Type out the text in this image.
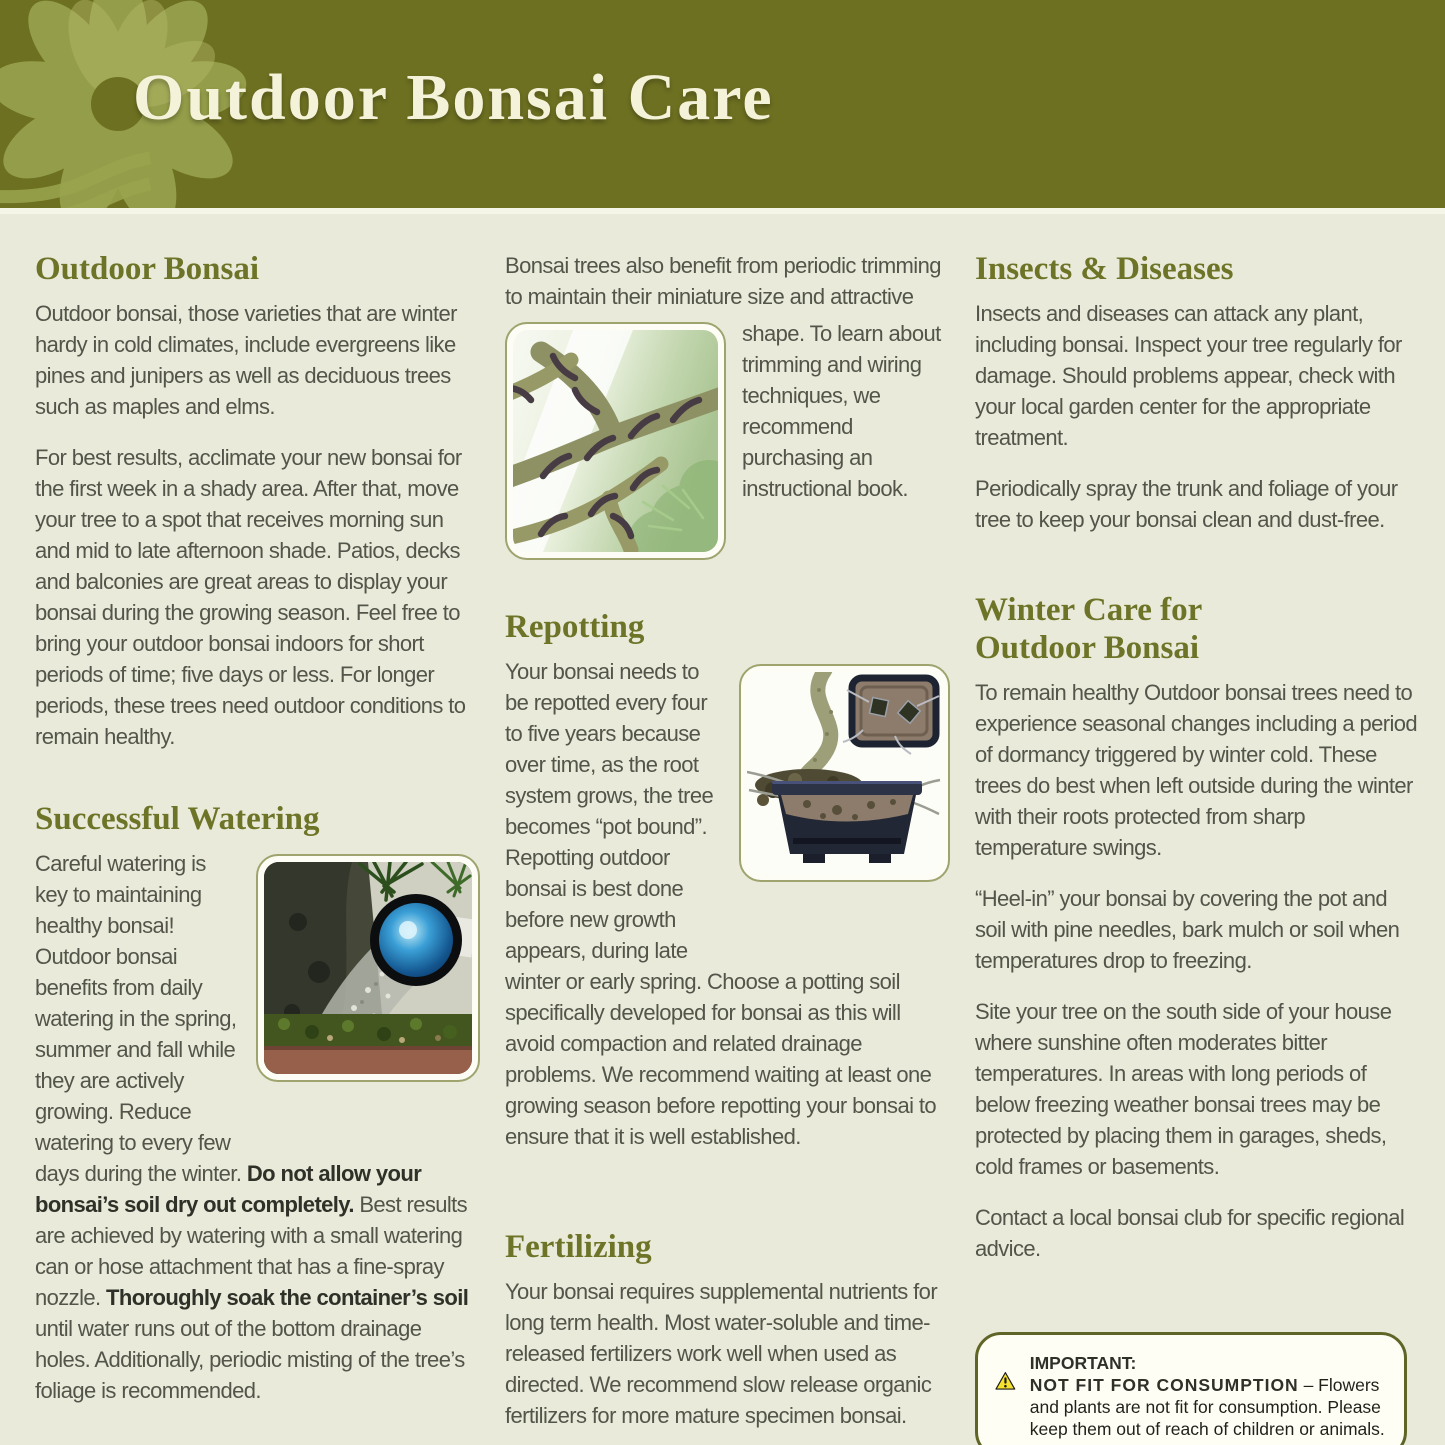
Outdoor Bonsai Care
Outdoor Bonsai

Outdoor bonsai, those varieties that are winter hardy in cold climates, include evergreens like pines and junipers as well as deciduous trees such as maples and elms.

For best results, acclimate your new bonsai for the first week in a shady area. After that, move your tree to a spot that receives morning sun and mid to late afternoon shade. Patios, decks and balconies are great areas to display your bonsai during the growing season. Feel free to bring your outdoor bonsai indoors for short periods of time; five days or less. For longer periods, these trees need outdoor conditions to remain healthy.

Successful Watering
Careful watering is key to maintaining healthy bonsai! Outdoor bonsai benefits from daily watering in the spring, summer and fall while they are actively growing. Reduce watering to every few days during the winter. Do not allow your bonsai’s soil dry out completely. Best results are achieved by watering with a small watering can or hose attachment that has a fine-spray nozzle. Thoroughly soak the container’s soil until water runs out of the bottom drainage holes. Additionally, periodic misting of the tree’s foliage is recommended.

Bonsai trees also benefit from periodic trimming to maintain their miniature size and attractive

shape. To learn about trimming and wiring techniques, we recommend purchasing an instructional book.
Repotting
Your bonsai needs to be repotted every four to five years because over time, as the root system grows, the tree becomes “pot bound”. Repotting outdoor bonsai is best done before new growth appears, during late winter or early spring. Choose a potting soil specifically developed for bonsai as this will avoid compaction and related drainage problems. We recommend waiting at least one growing season before repotting your bonsai to ensure that it is well established.
Fertilizing

Your bonsai requires supplemental nutrients for long term health. Most water-soluble and time-released fertilizers work well when used as directed. We recommend slow release organic fertilizers for more mature specimen bonsai.

Insects & Diseases

Insects and diseases can attack any plant, including bonsai. Inspect your tree regularly for damage. Should problems appear, check with your local garden center for the appropriate treatment.

Periodically spray the trunk and foliage of your tree to keep your bonsai clean and dust-free.

Winter Care for
Outdoor Bonsai

To remain healthy Outdoor bonsai trees need to experience seasonal changes including a period of dormancy triggered by winter cold. These trees do best when left outside during the winter with their roots protected from sharp temperature swings.

“Heel-in” your bonsai by covering the pot and soil with pine needles, bark mulch or soil when temperatures drop to freezing.

Site your tree on the south side of your house where sunshine often moderates bitter temperatures. In areas with long periods of below freezing weather bonsai trees may be protected by placing them in garages, sheds, cold frames or basements.

Contact a local bonsai club for specific regional advice.

IMPORTANT:
NOT FIT FOR CONSUMPTION – Flowers and plants are not fit for consumption. Please keep them out of reach of children or animals.
